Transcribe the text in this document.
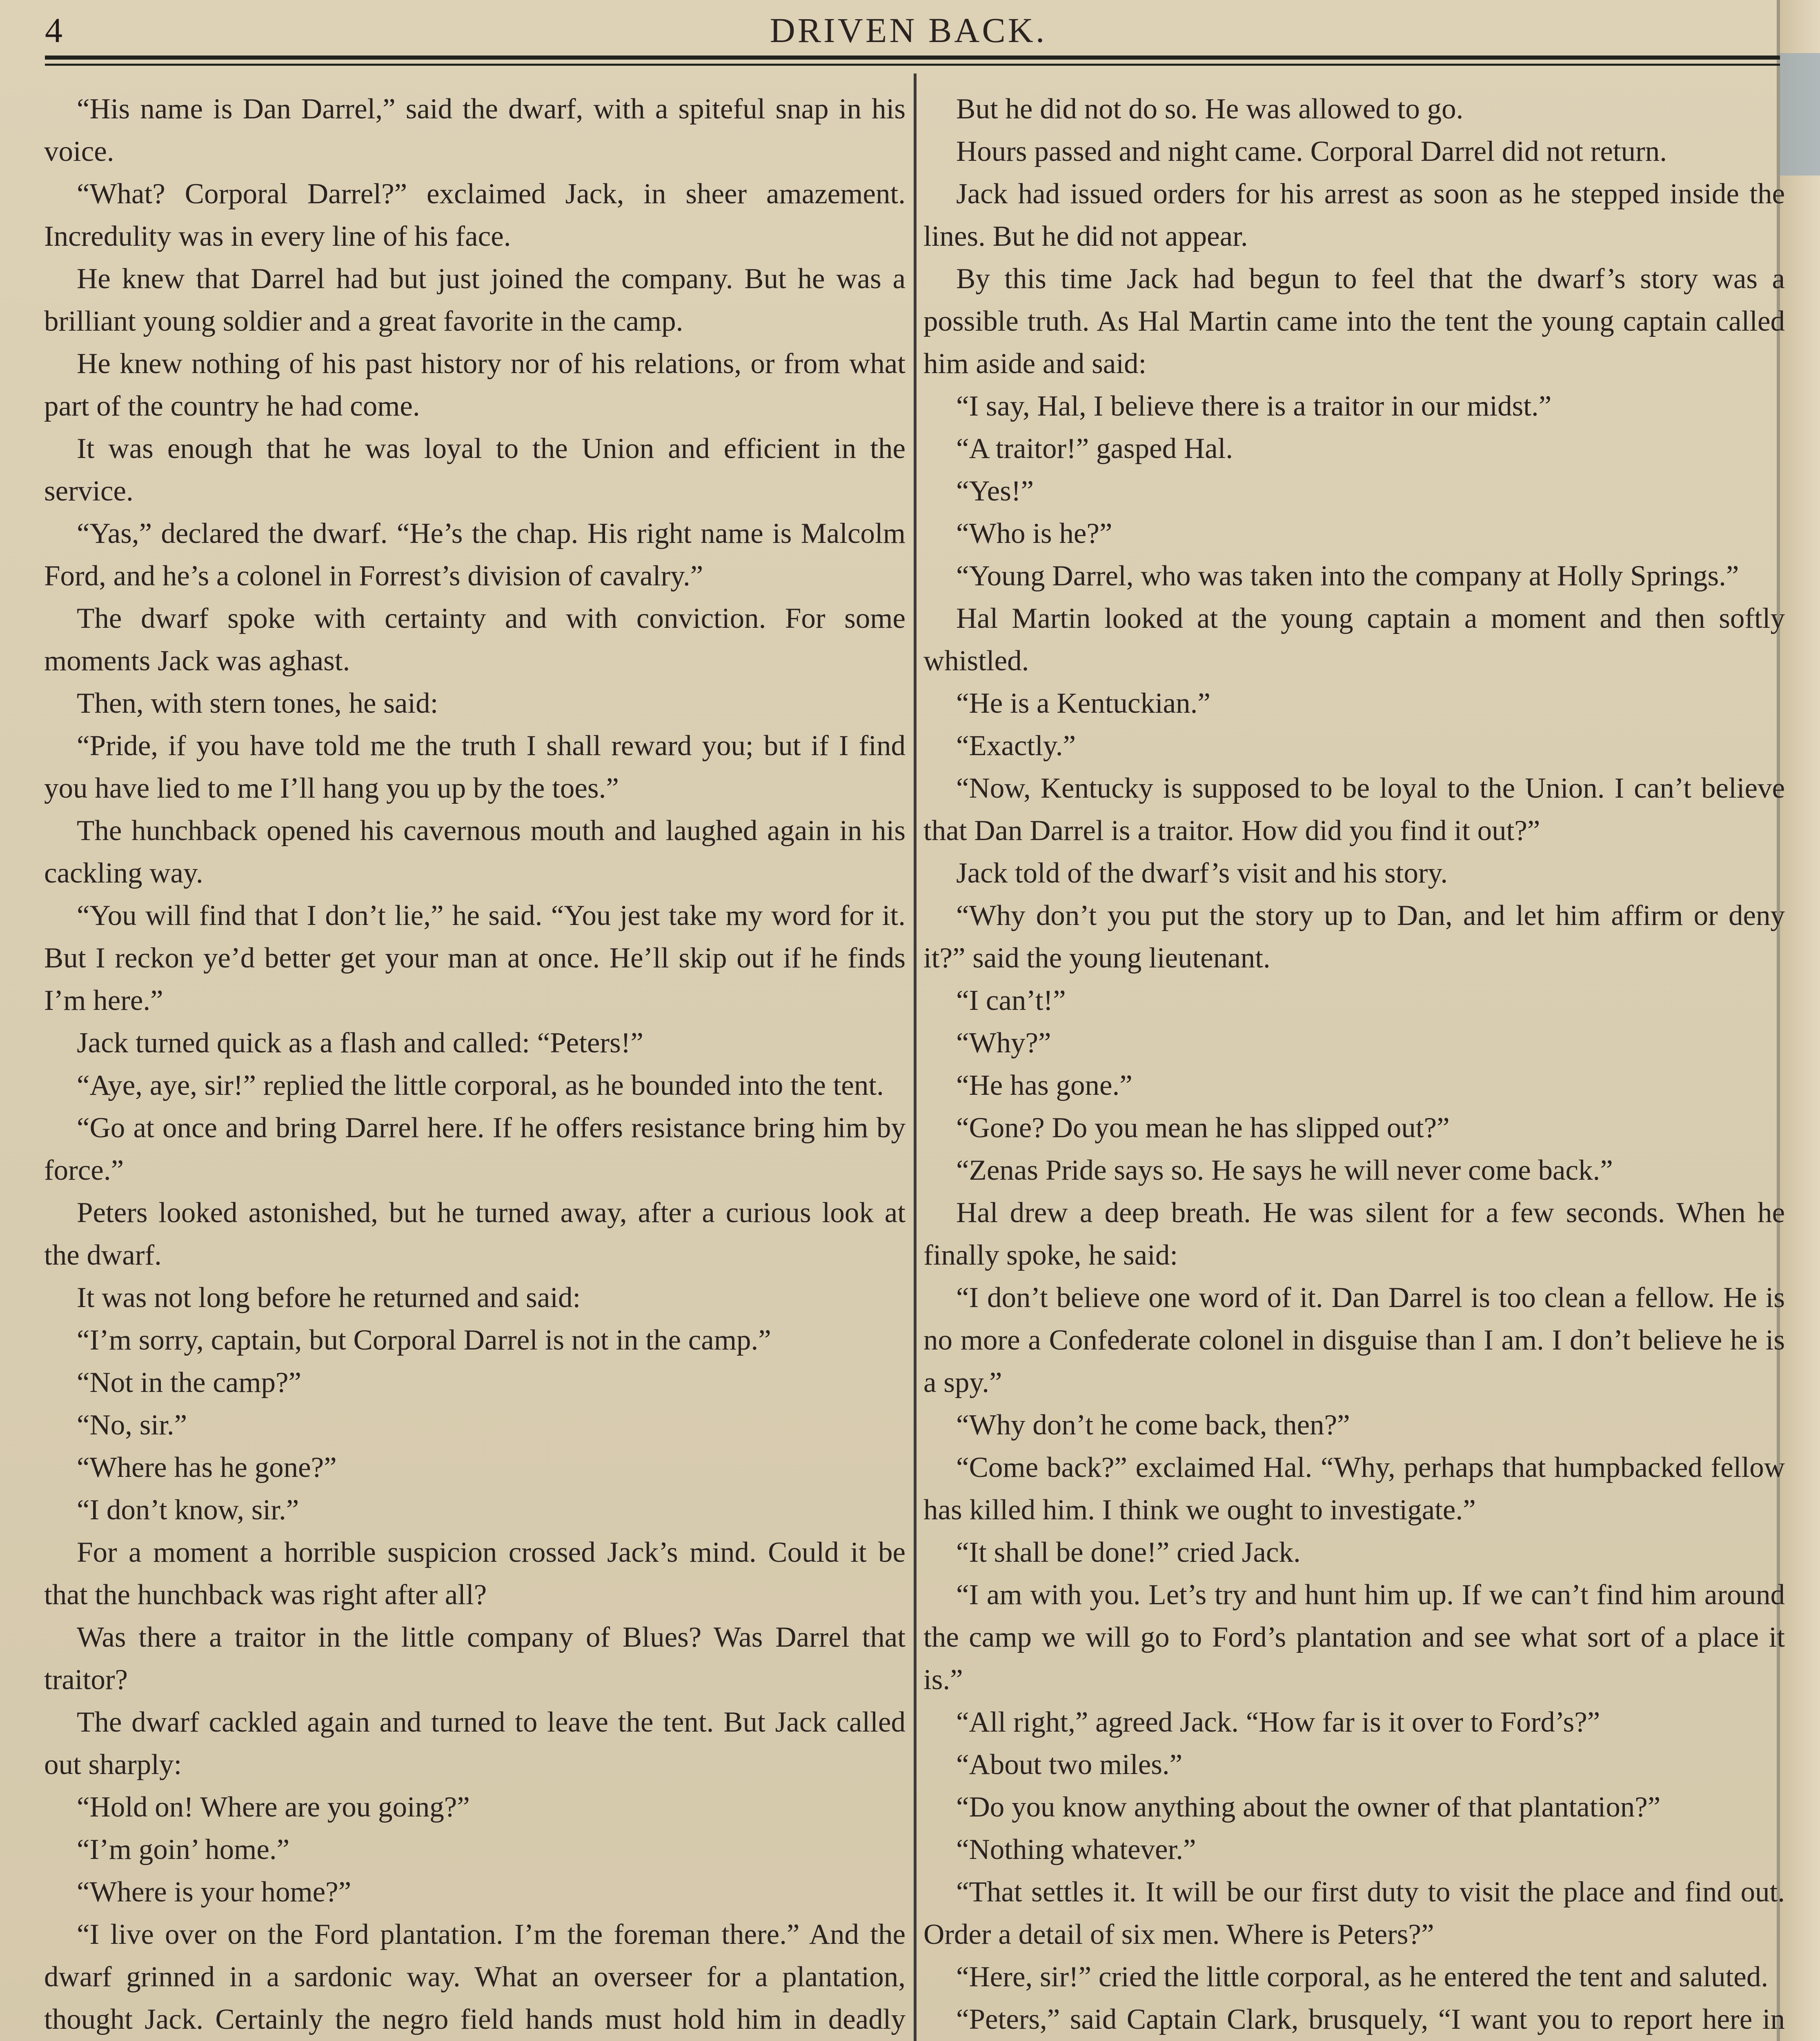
4	DRIVEN BACK.

“His name is Dan Darrel,” said the dwarf, with a spiteful snap in his voice.

“What? Corporal Darrel?” exclaimed Jack, in sheer amazement. Incredulity was in every line of his face.

He knew that Darrel had but just joined the company. But he was a brilliant young soldier and a great favorite in the camp.

He knew nothing of his past history nor of his relations, or from what part of the country he had come.

It was enough that he was loyal to the Union and efficient in the service.

“Yas,” declared the dwarf. “He’s the chap. His right name is Malcolm Ford, and he’s a colonel in Forrest’s division of cavalry.”

The dwarf spoke with certainty and with conviction. For some moments Jack was aghast.

Then, with stern tones, he said:

“Pride, if you have told me the truth I shall reward you; but if I find you have lied to me I’ll hang you up by the toes.”

The hunchback opened his cavernous mouth and laughed again in his cackling way.

“You will find that I don’t lie,” he said. “You jest take my word for it. But I reckon ye’d better get your man at once. He’ll skip out if he finds I’m here.”

Jack turned quick as a flash and called: “Peters!”

“Aye, aye, sir!” replied the little corporal, as he bounded into the tent.

“Go at once and bring Darrel here. If he offers resistance bring him by force.”

Peters looked astonished, but he turned away, after a curious look at the dwarf.

It was not long before he returned and said:

“I’m sorry, captain, but Corporal Darrel is not in the camp.”

“Not in the camp?”

“No, sir.”

“Where has he gone?”

“I don’t know, sir.”

For a moment a horrible suspicion crossed Jack’s mind. Could it be that the hunchback was right after all?

Was there a traitor in the little company of Blues? Was Darrel that traitor?

The dwarf cackled again and turned to leave the tent. But Jack called out sharply:

“Hold on! Where are you going?”

“I’m goin’ home.”

“Where is your home?”

“I live over on the Ford plantation. I’m the foreman there.” And the dwarf grinned in a sardonic way. What an overseer for a plantation, thought Jack. Certainly the negro field hands must hold him in deadly

But he did not do so. He was allowed to go.

Hours passed and night came. Corporal Darrel did not return.

Jack had issued orders for his arrest as soon as he stepped inside the lines. But he did not appear.

By this time Jack had begun to feel that the dwarf’s story was a possible truth. As Hal Martin came into the tent the young captain called him aside and said:

“I say, Hal, I believe there is a traitor in our midst.”

“A traitor!” gasped Hal.

“Yes!”

“Who is he?”

“Young Darrel, who was taken into the company at Holly Springs.”

Hal Martin looked at the young captain a moment and then softly whistled.

“He is a Kentuckian.”

“Exactly.”

“Now, Kentucky is supposed to be loyal to the Union. I can’t believe that Dan Darrel is a traitor. How did you find it out?”

Jack told of the dwarf’s visit and his story.

“Why don’t you put the story up to Dan, and let him affirm or deny it?” said the young lieutenant.

“I can’t!”

“Why?”

“He has gone.”

“Gone? Do you mean he has slipped out?”

“Zenas Pride says so. He says he will never come back.”

Hal drew a deep breath. He was silent for a few seconds. When he finally spoke, he said:

“I don’t believe one word of it. Dan Darrel is too clean a fellow. He is no more a Confederate colonel in disguise than I am. I don’t believe he is a spy.”

“Why don’t he come back, then?”

“Come back?” exclaimed Hal. “Why, perhaps that humpbacked fellow has killed him. I think we ought to investigate.”

“It shall be done!” cried Jack.

“I am with you. Let’s try and hunt him up. If we can’t find him around the camp we will go to Ford’s plantation and see what sort of a place it is.”

“All right,” agreed Jack. “How far is it over to Ford’s?”

“About two miles.”

“Do you know anything about the owner of that plantation?”

“Nothing whatever.”

“That settles it. It will be our first duty to visit the place and find out. Order a detail of six men. Where is Peters?”

“Here, sir!” cried the little corporal, as he entered the tent and saluted.

“Peters,” said Captain Clark, brusquely, “I want you to report here in
